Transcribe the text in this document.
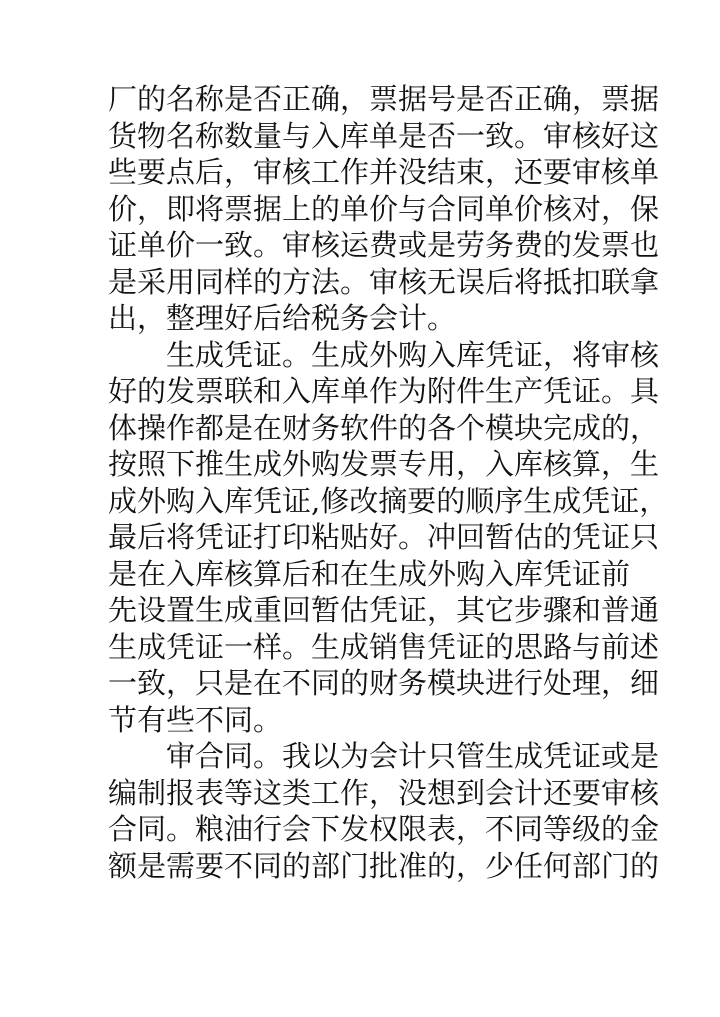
厂的名称是否正确，票据号是否正确，票据
货物名称数量与入库单是否一致。审核好这
些要点后，审核工作并没结束，还要审核单
价，即将票据上的单价与合同单价核对，保
证单价一致。审核运费或是劳务费的发票也
是采用同样的方法。审核无误后将抵扣联拿
出，整理好后给税务会计。
生成凭证。生成外购入库凭证，将审核
好的发票联和入库单作为附件生产凭证。具
体操作都是在财务软件的各个模块完成的，
按照下推生成外购发票专用，入库核算，生
成外购入库凭证,修改摘要的顺序生成凭证，
最后将凭证打印粘贴好。冲回暂估的凭证只
是在入库核算后和在生成外购入库凭证前
先设置生成重回暂估凭证，其它步骤和普通
生成凭证一样。生成销售凭证的思路与前述
一致，只是在不同的财务模块进行处理，细
节有些不同。
审合同。我以为会计只管生成凭证或是
编制报表等这类工作，没想到会计还要审核
合同。粮油行会下发权限表，不同等级的金
额是需要不同的部门批准的，少任何部门的
